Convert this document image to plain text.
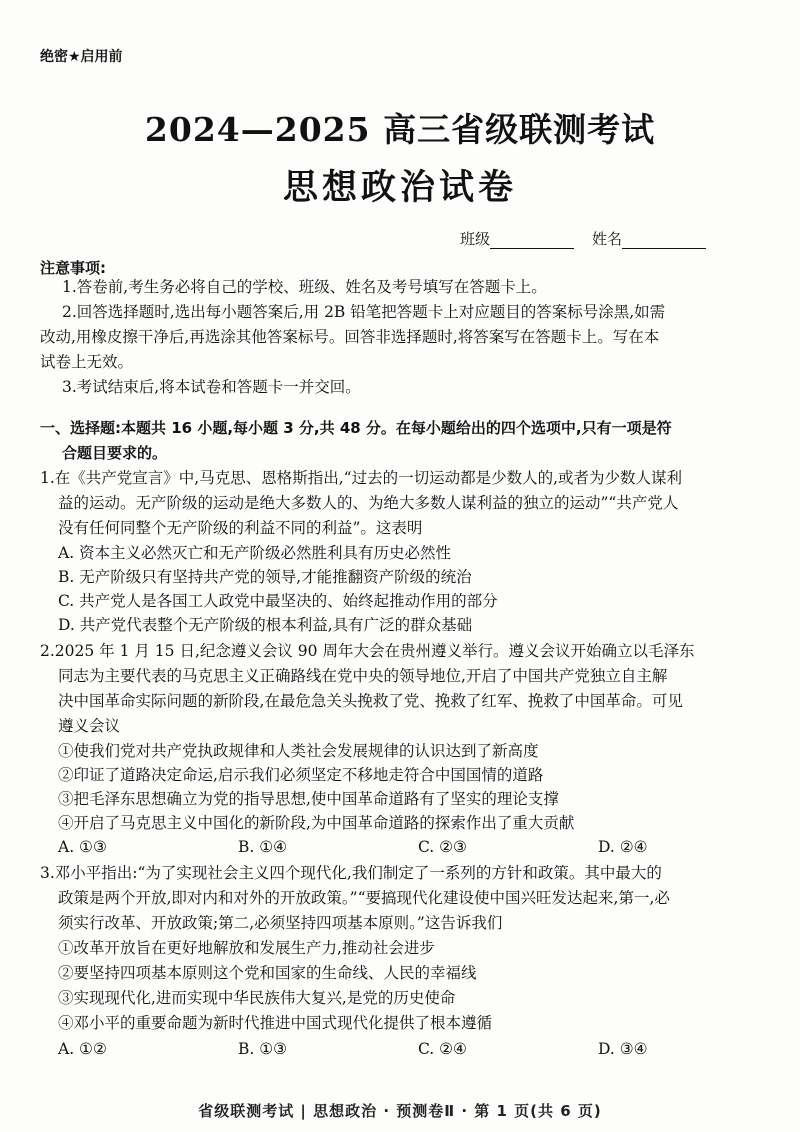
绝密★启用前
2024—2025 高三省级联测考试
思想政治试卷
班级	姓名
注意事项:
1.答卷前,考生务必将自己的学校、班级、姓名及考号填写在答题卡上。
2.回答选择题时,选出每小题答案后,用 2B 铅笔把答题卡上对应题目的答案标号涂黑,如需
改动,用橡皮擦干净后,再选涂其他答案标号。回答非选择题时,将答案写在答题卡上。写在本
试卷上无效。
3.考试结束后,将本试卷和答题卡一并交回。
一、选择题:本题共 16 小题,每小题 3 分,共 48 分。在每小题给出的四个选项中,只有一项是符
合题目要求的。
1.在《共产党宣言》中,马克思、恩格斯指出,“过去的一切运动都是少数人的,或者为少数人谋利
益的运动。无产阶级的运动是绝大多数人的、为绝大多数人谋利益的独立的运动”“共产党人
没有任何同整个无产阶级的利益不同的利益”。这表明
A. 资本主义必然灭亡和无产阶级必然胜利具有历史必然性
B. 无产阶级只有坚持共产党的领导,才能推翻资产阶级的统治
C. 共产党人是各国工人政党中最坚决的、始终起推动作用的部分
D. 共产党代表整个无产阶级的根本利益,具有广泛的群众基础
2.2025 年 1 月 15 日,纪念遵义会议 90 周年大会在贵州遵义举行。遵义会议开始确立以毛泽东
同志为主要代表的马克思主义正确路线在党中央的领导地位,开启了中国共产党独立自主解
决中国革命实际问题的新阶段,在最危急关头挽救了党、挽救了红军、挽救了中国革命。可见
遵义会议
①使我们党对共产党执政规律和人类社会发展规律的认识达到了新高度
②印证了道路决定命运,启示我们必须坚定不移地走符合中国国情的道路
③把毛泽东思想确立为党的指导思想,使中国革命道路有了坚实的理论支撑
④开启了马克思主义中国化的新阶段,为中国革命道路的探索作出了重大贡献
A. ①③	B. ①④	C. ②③	D. ②④
3.邓小平指出:“为了实现社会主义四个现代化,我们制定了一系列的方针和政策。其中最大的
政策是两个开放,即对内和对外的开放政策。”“要搞现代化建设使中国兴旺发达起来,第一,必
须实行改革、开放政策;第二,必须坚持四项基本原则。”这告诉我们
①改革开放旨在更好地解放和发展生产力,推动社会进步
②要坚持四项基本原则这个党和国家的生命线、人民的幸福线
③实现现代化,进而实现中华民族伟大复兴,是党的历史使命
④邓小平的重要命题为新时代推进中国式现代化提供了根本遵循
A. ①②	B. ①③	C. ②④	D. ③④
省级联测考试 | 思想政治 · 预测卷Ⅱ · 第 1 页(共 6 页)
